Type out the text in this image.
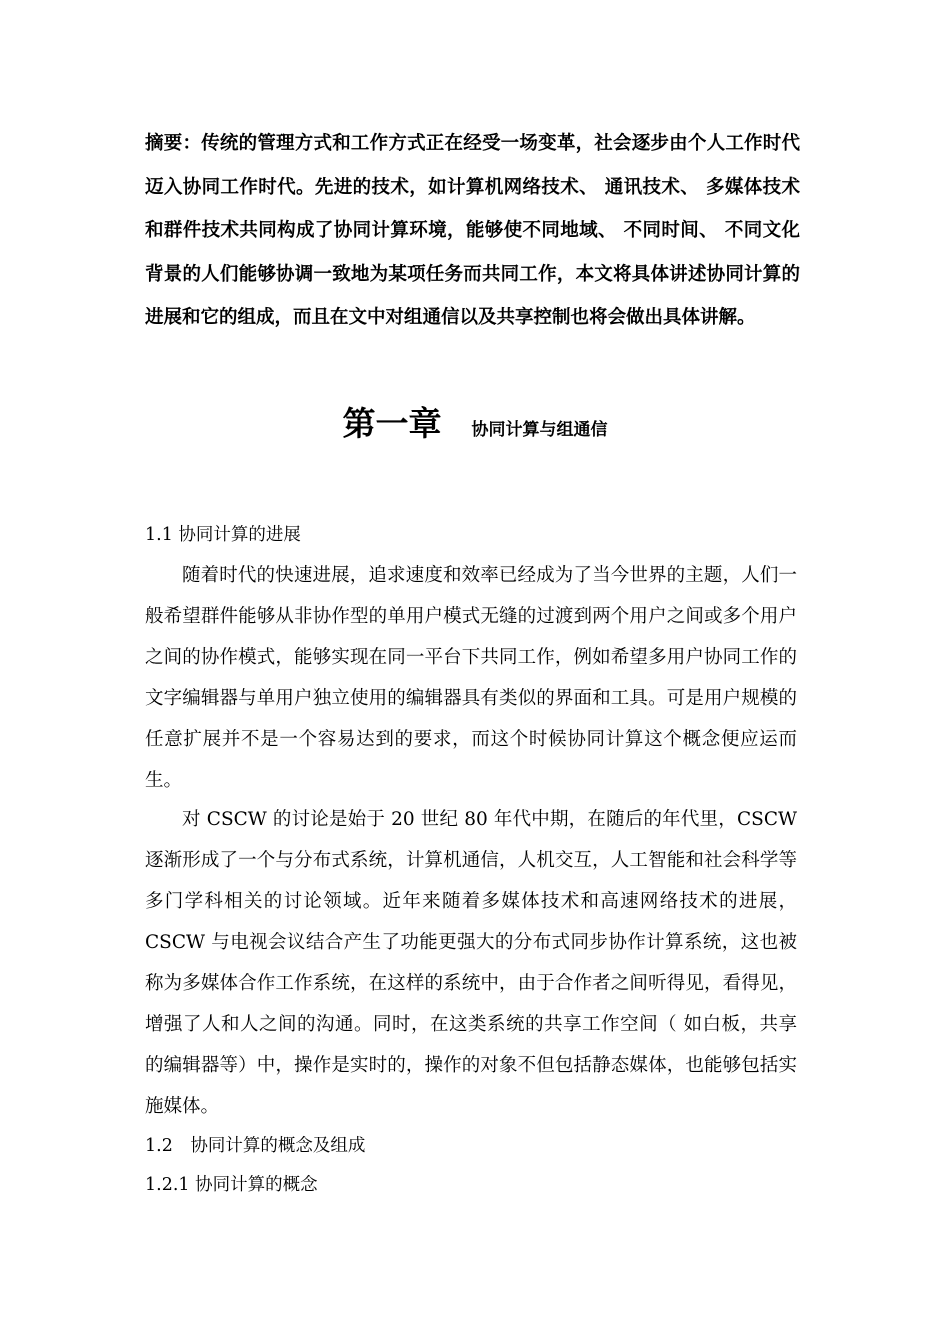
摘要：传统的管理方式和工作方式正在经受一场变革，社会逐步由个人工作时代迈入协同工作时代。先进的技术，如计算机网络技术、 通讯技术、 多媒体技术和群件技术共同构成了协同计算环境，能够使不同地域、 不同时间、 不同文化背景的人们能够协调一致地为某项任务而共同工作，本文将具体讲述协同计算的进展和它的组成，而且在文中对组通信以及共享控制也将会做出具体讲解。

第一章 协同计算与组通信

1.1 协同计算的进展

随着时代的快速进展，追求速度和效率已经成为了当今世界的主题，人们一般希望群件能够从非协作型的单用户模式无缝的过渡到两个用户之间或多个用户之间的协作模式，能够实现在同一平台下共同工作，例如希望多用户协同工作的文字编辑器与单用户独立使用的编辑器具有类似的界面和工具。可是用户规模的任意扩展并不是一个容易达到的要求，而这个时候协同计算这个概念便应运而生。

对 CSCW 的讨论是始于 20 世纪 80 年代中期，在随后的年代里，CSCW 逐渐形成了一个与分布式系统，计算机通信，人机交互，人工智能和社会科学等多门学科相关的讨论领域。近年来随着多媒体技术和高速网络技术的进展，CSCW 与电视会议结合产生了功能更强大的分布式同步协作计算系统，这也被称为多媒体合作工作系统，在这样的系统中，由于合作者之间听得见，看得见，增强了人和人之间的沟通。同时，在这类系统的共享工作空间（ 如白板，共享的编辑器等）中，操作是实时的，操作的对象不但包括静态媒体，也能够包括实施媒体。

1.2　协同计算的概念及组成

1.2.1 协同计算的概念
